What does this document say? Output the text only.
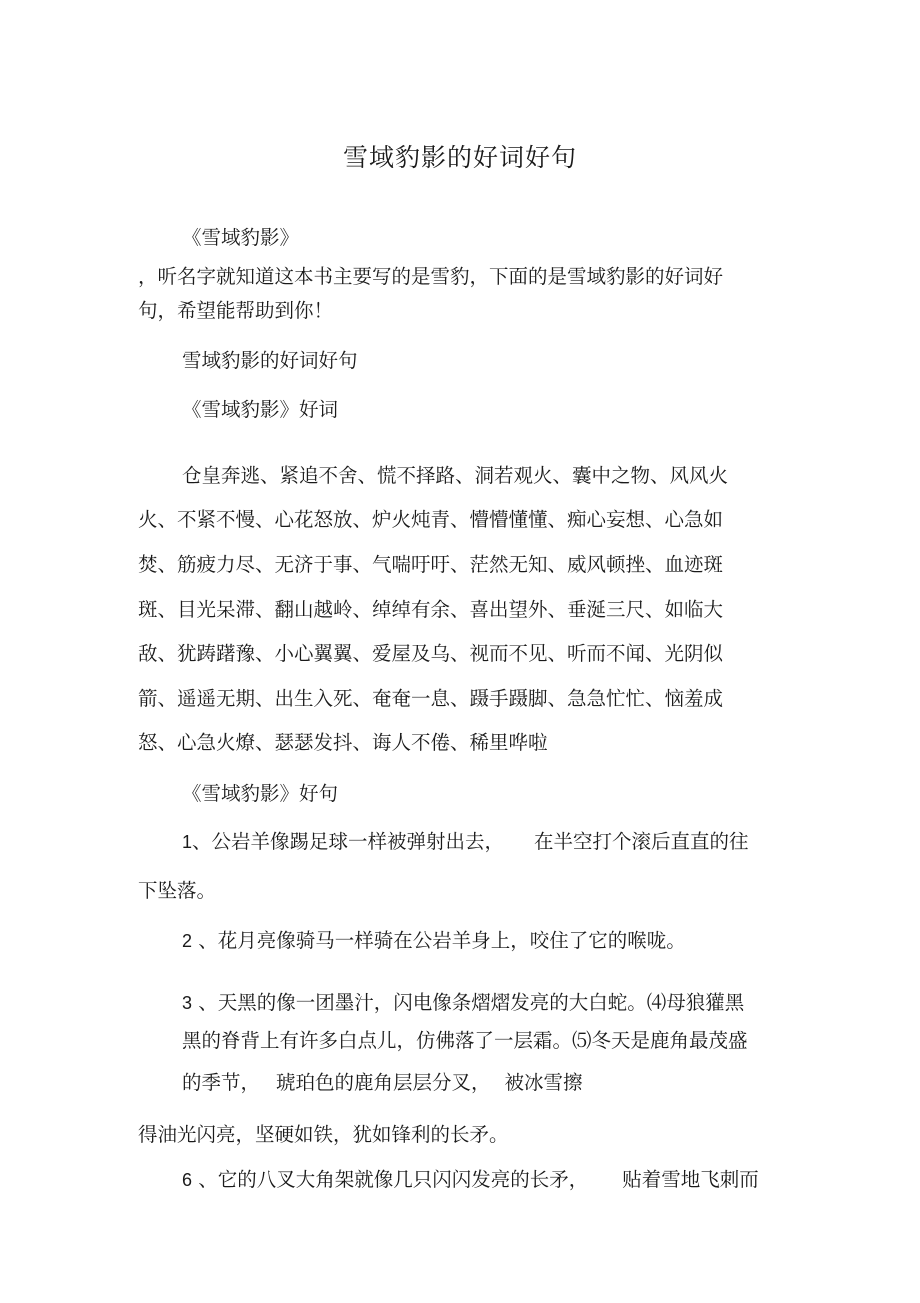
雪域豹影的好词好句
《雪域豹影》
，听名字就知道这本书主要写的是雪豹，下面的是雪域豹影的好词好
句，希望能帮助到你！
雪域豹影的好词好句
《雪域豹影》好词
仓皇奔逃、紧追不舍、慌不择路、洞若观火、囊中之物、风风火
火、不紧不慢、心花怒放、炉火炖青、懵懵懂懂、痴心妄想、心急如
焚、筋疲力尽、无济于事、气喘吁吁、茫然无知、威风顿挫、血迹斑
斑、目光呆滞、翻山越岭、绰绰有余、喜出望外、垂涎三尺、如临大
敌、犹踌躇豫、小心翼翼、爱屋及乌、视而不见、听而不闻、光阴似
箭、遥遥无期、出生入死、奄奄一息、蹑手蹑脚、急急忙忙、恼羞成
怒、心急火燎、瑟瑟发抖、诲人不倦、稀里哗啦
《雪域豹影》好句
1、公岩羊像踢足球一样被弹射出去， 在半空打个滚后直直的往
下坠落。
2 、花月亮像骑马一样骑在公岩羊身上，咬住了它的喉咙。
3 、天黑的像一团墨汁，闪电像条熠熠发亮的大白蛇。⑷母狼獾黑
黑的脊背上有许多白点儿，仿佛落了一层霜。⑸冬天是鹿角最茂盛
的季节， 琥珀色的鹿角层层分叉， 被冰雪擦
得油光闪亮，坚硬如铁，犹如锋利的长矛。
6 、它的八叉大角架就像几只闪闪发亮的长矛， 贴着雪地飞刺而
